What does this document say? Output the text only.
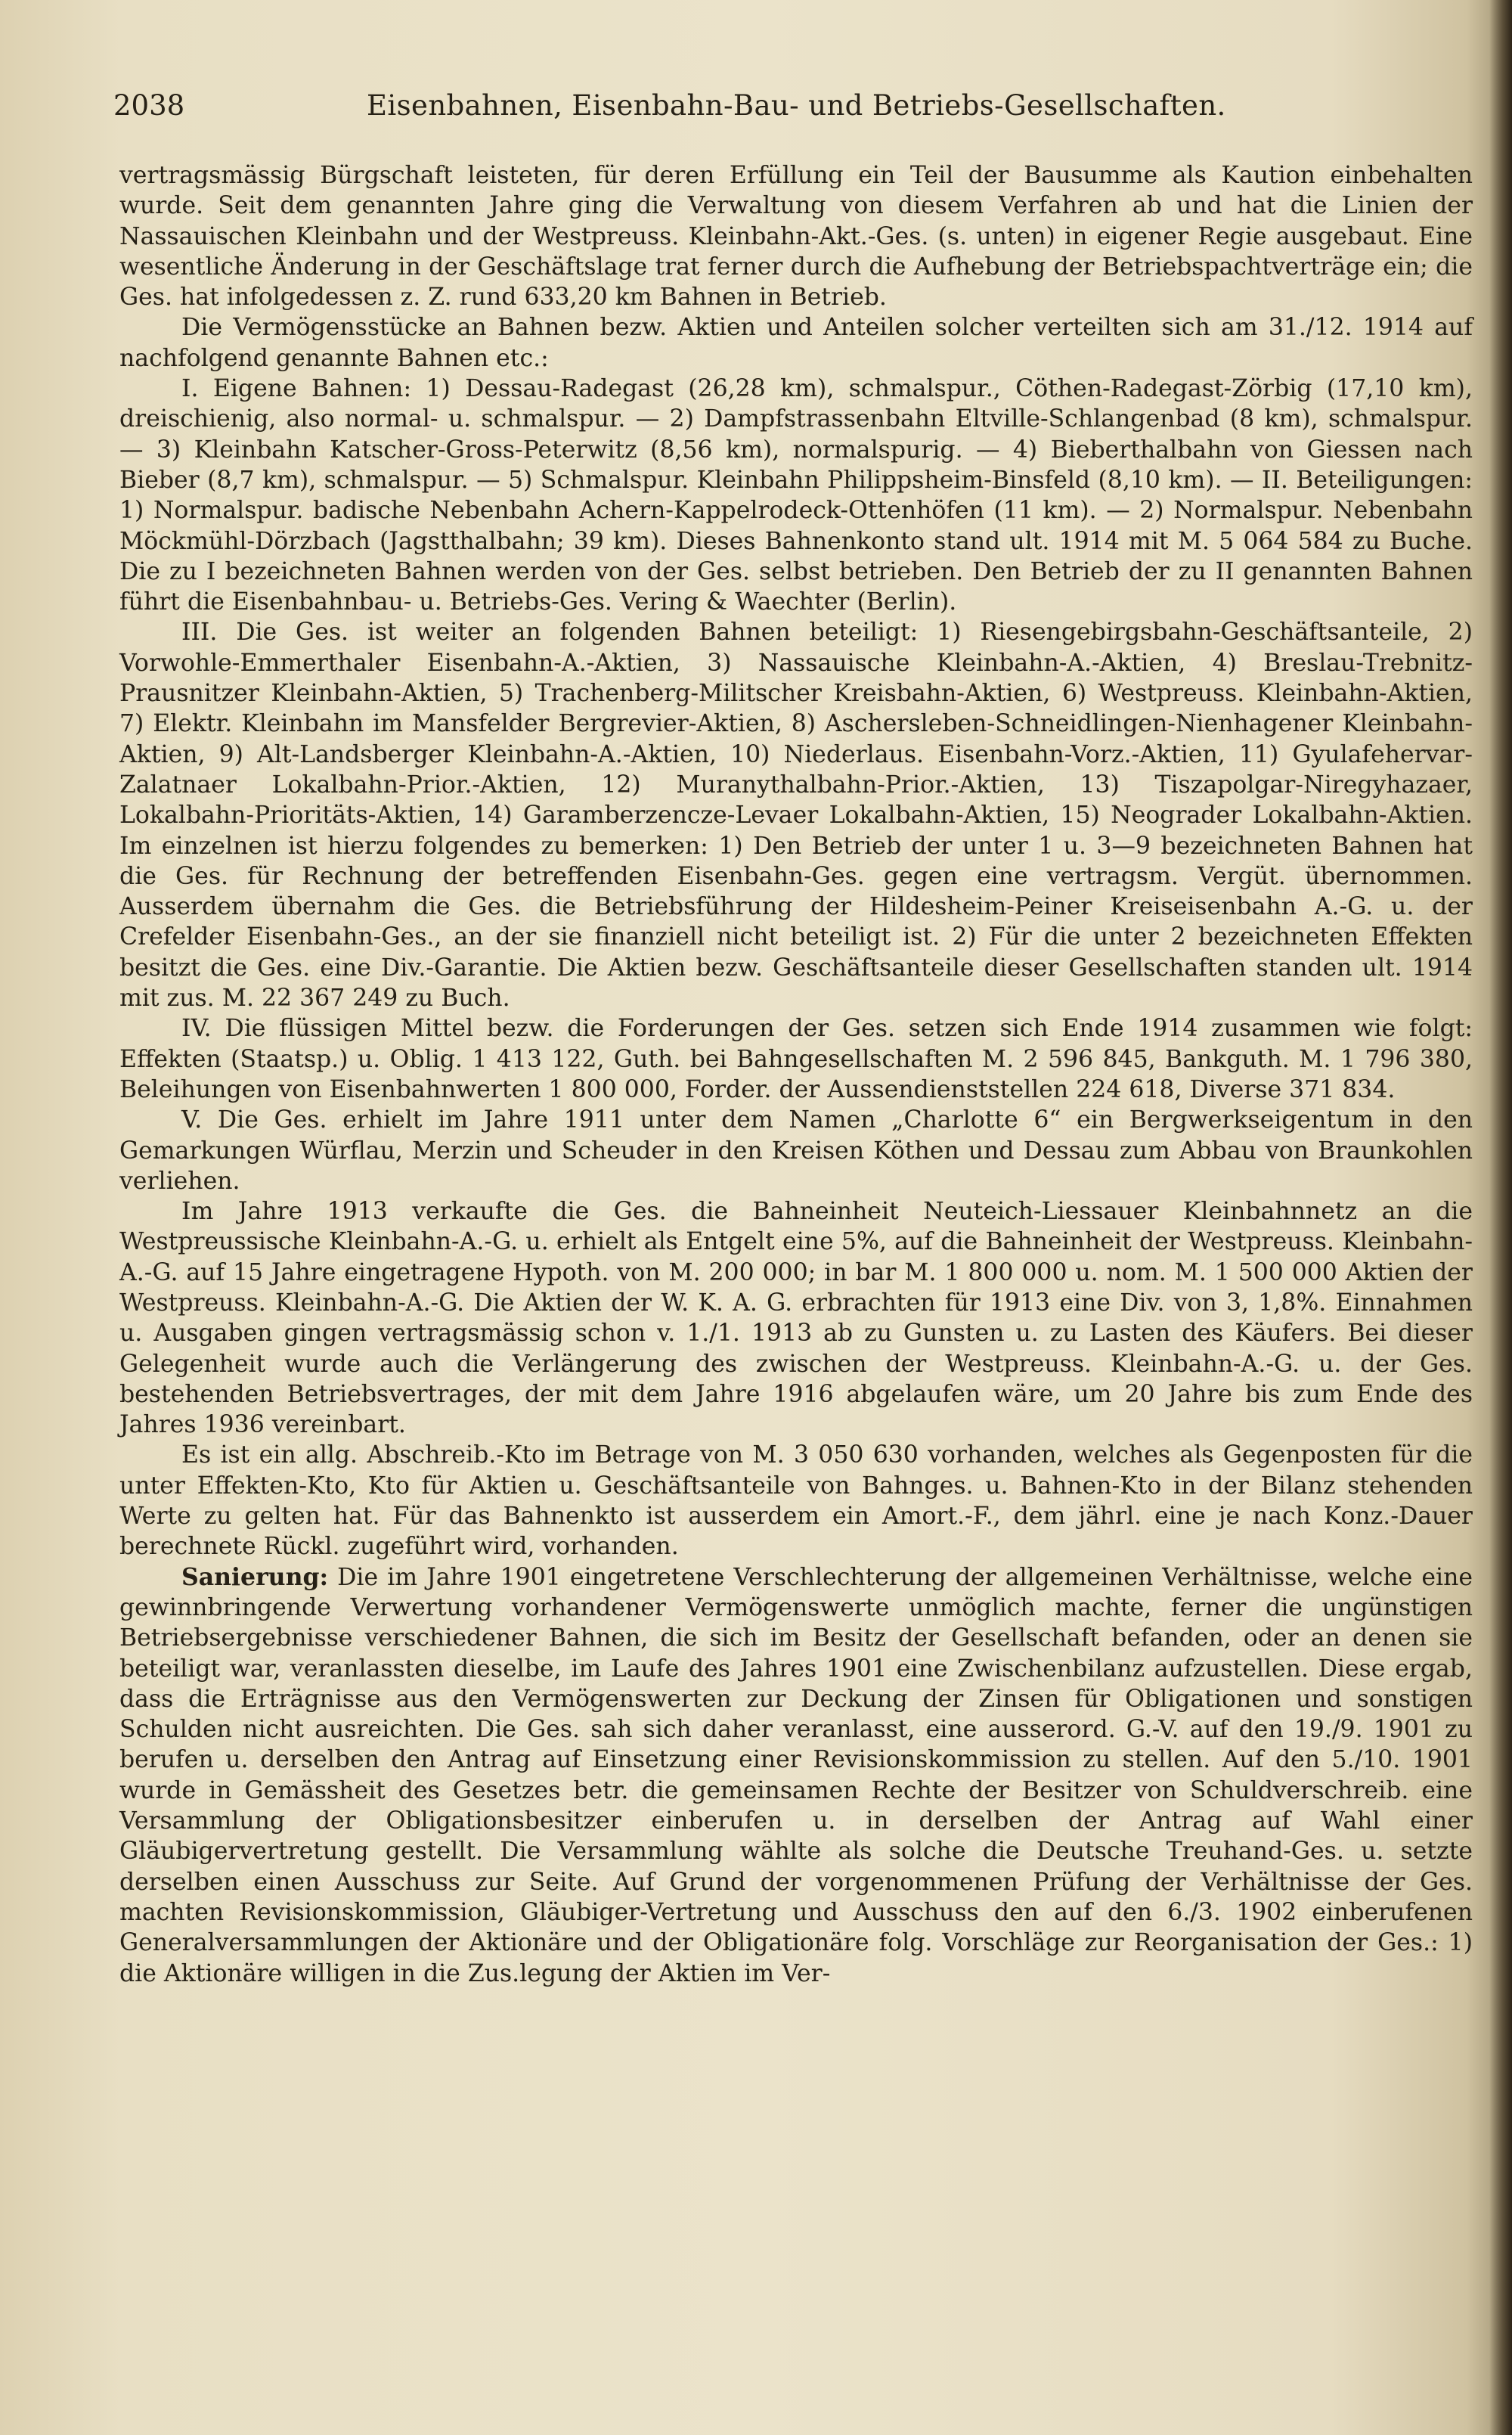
2038	Eisenbahnen, Eisenbahn-Bau- und Betriebs-Gesellschaften.

vertragsmässig Bürgschaft leisteten, für deren Erfüllung ein Teil der Bausumme als Kaution einbehalten wurde. Seit dem genannten Jahre ging die Verwaltung von diesem Verfahren ab und hat die Linien der Nassauischen Kleinbahn und der Westpreuss. Kleinbahn-Akt.-Ges. (s. unten) in eigener Regie ausgebaut. Eine wesentliche Änderung in der Geschäftslage trat ferner durch die Aufhebung der Betriebspachtverträge ein; die Ges. hat infolgedessen z. Z. rund 633,20 km Bahnen in Betrieb.

Die Vermögensstücke an Bahnen bezw. Aktien und Anteilen solcher verteilten sich am 31./12. 1914 auf nachfolgend genannte Bahnen etc.:

I. Eigene Bahnen: 1) Dessau-Radegast (26,28 km), schmalspur., Cöthen-Radegast-Zörbig (17,10 km), dreischienig, also normal- u. schmalspur. — 2) Dampfstrassenbahn Eltville-Schlangenbad (8 km), schmalspur. — 3) Kleinbahn Katscher-Gross-Peterwitz (8,56 km), normalspurig. — 4) Bieberthalbahn von Giessen nach Bieber (8,7 km), schmalspur. — 5) Schmalspur. Kleinbahn Philippsheim-Binsfeld (8,10 km). — II. Beteiligungen: 1) Normalspur. badische Nebenbahn Achern-Kappelrodeck-Ottenhöfen (11 km). — 2) Normalspur. Nebenbahn Möckmühl-Dörzbach (Jagstthalbahn; 39 km). Dieses Bahnenkonto stand ult. 1914 mit M. 5 064 584 zu Buche. Die zu I bezeichneten Bahnen werden von der Ges. selbst betrieben. Den Betrieb der zu II genannten Bahnen führt die Eisenbahnbau- u. Betriebs-Ges. Vering & Waechter (Berlin).

III. Die Ges. ist weiter an folgenden Bahnen beteiligt: 1) Riesengebirgsbahn-Geschäftsanteile, 2) Vorwohle-Emmerthaler Eisenbahn-A.-Aktien, 3) Nassauische Kleinbahn-A.-Aktien, 4) Breslau-Trebnitz-Prausnitzer Kleinbahn-Aktien, 5) Trachenberg-Militscher Kreisbahn-Aktien, 6) Westpreuss. Kleinbahn-Aktien, 7) Elektr. Kleinbahn im Mansfelder Bergrevier-Aktien, 8) Aschersleben-Schneidlingen-Nienhagener Kleinbahn-Aktien, 9) Alt-Landsberger Kleinbahn-A.-Aktien, 10) Niederlaus. Eisenbahn-Vorz.-Aktien, 11) Gyulafehervar-Zalatnaer Lokalbahn-Prior.-Aktien, 12) Muranythalbahn-Prior.-Aktien, 13) Tiszapolgar-Niregyhazaer, Lokalbahn-Prioritäts-Aktien, 14) Garamberzencze-Levaer Lokalbahn-Aktien, 15) Neograder Lokalbahn-Aktien. Im einzelnen ist hierzu folgendes zu bemerken: 1) Den Betrieb der unter 1 u. 3—9 bezeichneten Bahnen hat die Ges. für Rechnung der betreffenden Eisenbahn-Ges. gegen eine vertragsm. Vergüt. übernommen. Ausserdem übernahm die Ges. die Betriebsführung der Hildesheim-Peiner Kreiseisenbahn A.-G. u. der Crefelder Eisenbahn-Ges., an der sie finanziell nicht beteiligt ist. 2) Für die unter 2 bezeichneten Effekten besitzt die Ges. eine Div.-Garantie. Die Aktien bezw. Geschäftsanteile dieser Gesellschaften standen ult. 1914 mit zus. M. 22 367 249 zu Buch.

IV. Die flüssigen Mittel bezw. die Forderungen der Ges. setzen sich Ende 1914 zusammen wie folgt: Effekten (Staatsp.) u. Oblig. 1 413 122, Guth. bei Bahngesellschaften M. 2 596 845, Bankguth. M. 1 796 380, Beleihungen von Eisenbahnwerten 1 800 000, Forder. der Aussendienststellen 224 618, Diverse 371 834.

V. Die Ges. erhielt im Jahre 1911 unter dem Namen „Charlotte 6“ ein Bergwerkseigentum in den Gemarkungen Würflau, Merzin und Scheuder in den Kreisen Köthen und Dessau zum Abbau von Braunkohlen verliehen.

Im Jahre 1913 verkaufte die Ges. die Bahneinheit Neuteich-Liessauer Kleinbahnnetz an die Westpreussische Kleinbahn-A.-G. u. erhielt als Entgelt eine 5%, auf die Bahneinheit der Westpreuss. Kleinbahn-A.-G. auf 15 Jahre eingetragene Hypoth. von M. 200 000; in bar M. 1 800 000 u. nom. M. 1 500 000 Aktien der Westpreuss. Kleinbahn-A.-G. Die Aktien der W. K. A. G. erbrachten für 1913 eine Div. von 3, 1,8%. Einnahmen u. Ausgaben gingen vertragsmässig schon v. 1./1. 1913 ab zu Gunsten u. zu Lasten des Käufers. Bei dieser Gelegenheit wurde auch die Verlängerung des zwischen der Westpreuss. Kleinbahn-A.-G. u. der Ges. bestehenden Betriebsvertrages, der mit dem Jahre 1916 abgelaufen wäre, um 20 Jahre bis zum Ende des Jahres 1936 vereinbart.

Es ist ein allg. Abschreib.-Kto im Betrage von M. 3 050 630 vorhanden, welches als Gegenposten für die unter Effekten-Kto, Kto für Aktien u. Geschäftsanteile von Bahnges. u. Bahnen-Kto in der Bilanz stehenden Werte zu gelten hat. Für das Bahnenkto ist ausserdem ein Amort.-F., dem jährl. eine je nach Konz.-Dauer berechnete Rückl. zugeführt wird, vorhanden.

Sanierung: Die im Jahre 1901 eingetretene Verschlechterung der allgemeinen Verhältnisse, welche eine gewinnbringende Verwertung vorhandener Vermögenswerte unmöglich machte, ferner die ungünstigen Betriebsergebnisse verschiedener Bahnen, die sich im Besitz der Gesellschaft befanden, oder an denen sie beteiligt war, veranlassten dieselbe, im Laufe des Jahres 1901 eine Zwischenbilanz aufzustellen. Diese ergab, dass die Erträgnisse aus den Vermögenswerten zur Deckung der Zinsen für Obligationen und sonstigen Schulden nicht ausreichten. Die Ges. sah sich daher veranlasst, eine ausserord. G.-V. auf den 19./9. 1901 zu berufen u. derselben den Antrag auf Einsetzung einer Revisionskommission zu stellen. Auf den 5./10. 1901 wurde in Gemässheit des Gesetzes betr. die gemeinsamen Rechte der Besitzer von Schuldverschreib. eine Versammlung der Obligationsbesitzer einberufen u. in derselben der Antrag auf Wahl einer Gläubigervertretung gestellt. Die Versammlung wählte als solche die Deutsche Treuhand-Ges. u. setzte derselben einen Ausschuss zur Seite. Auf Grund der vorgenommenen Prüfung der Verhältnisse der Ges. machten Revisionskommission, Gläubiger-Vertretung und Ausschuss den auf den 6./3. 1902 einberufenen Generalversammlungen der Aktionäre und der Obligationäre folg. Vorschläge zur Reorganisation der Ges.: 1) die Aktionäre willigen in die Zus.legung der Aktien im Ver-
